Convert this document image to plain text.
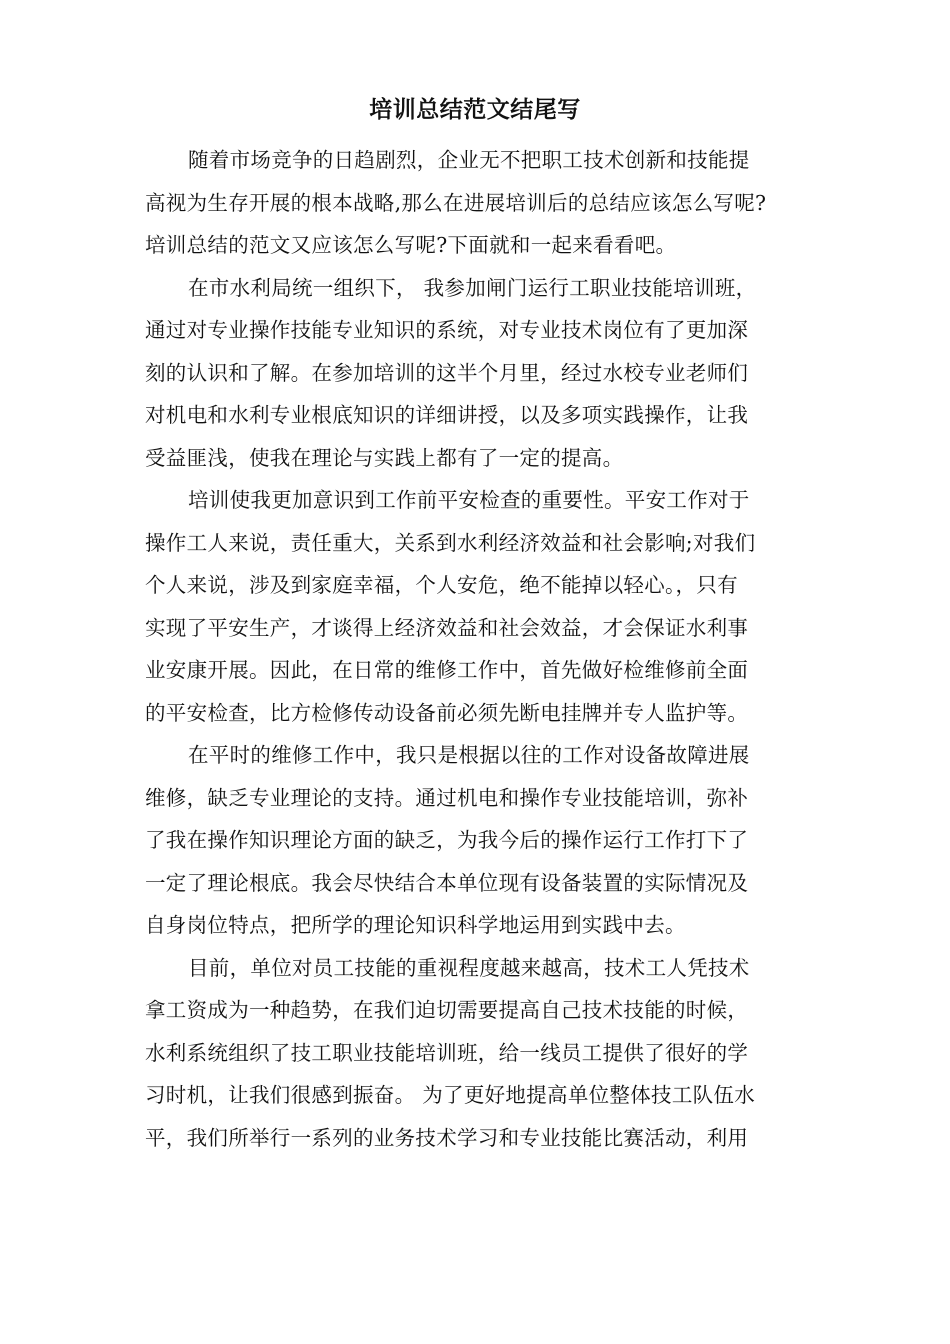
培训总结范文结尾写
随着市场竞争的日趋剧烈，企业无不把职工技术创新和技能提
高视为生存开展的根本战略,那么在进展培训后的总结应该怎么写呢?
培训总结的范文又应该怎么写呢?下面就和一起来看看吧。
在市水利局统一组织下， 我参加闸门运行工职业技能培训班，
通过对专业操作技能专业知识的系统，对专业技术岗位有了更加深
刻的认识和了解。在参加培训的这半个月里，经过水校专业老师们
对机电和水利专业根底知识的详细讲授，以及多项实践操作，让我
受益匪浅，使我在理论与实践上都有了一定的提高。
培训使我更加意识到工作前平安检查的重要性。平安工作对于
操作工人来说，责任重大，关系到水利经济效益和社会影响;对我们
个人来说，涉及到家庭幸福，个人安危，绝不能掉以轻心。，只有
实现了平安生产，才谈得上经济效益和社会效益，才会保证水利事
业安康开展。因此，在日常的维修工作中，首先做好检维修前全面
的平安检查，比方检修传动设备前必须先断电挂牌并专人监护等。
在平时的维修工作中，我只是根据以往的工作对设备故障进展
维修，缺乏专业理论的支持。通过机电和操作专业技能培训，弥补
了我在操作知识理论方面的缺乏，为我今后的操作运行工作打下了
一定了理论根底。我会尽快结合本单位现有设备装置的实际情况及
自身岗位特点，把所学的理论知识科学地运用到实践中去。
目前，单位对员工技能的重视程度越来越高，技术工人凭技术
拿工资成为一种趋势，在我们迫切需要提高自己技术技能的时候，
水利系统组织了技工职业技能培训班，给一线员工提供了很好的学
习时机，让我们很感到振奋。 为了更好地提高单位整体技工队伍水
平，我们所举行一系列的业务技术学习和专业技能比赛活动，利用
